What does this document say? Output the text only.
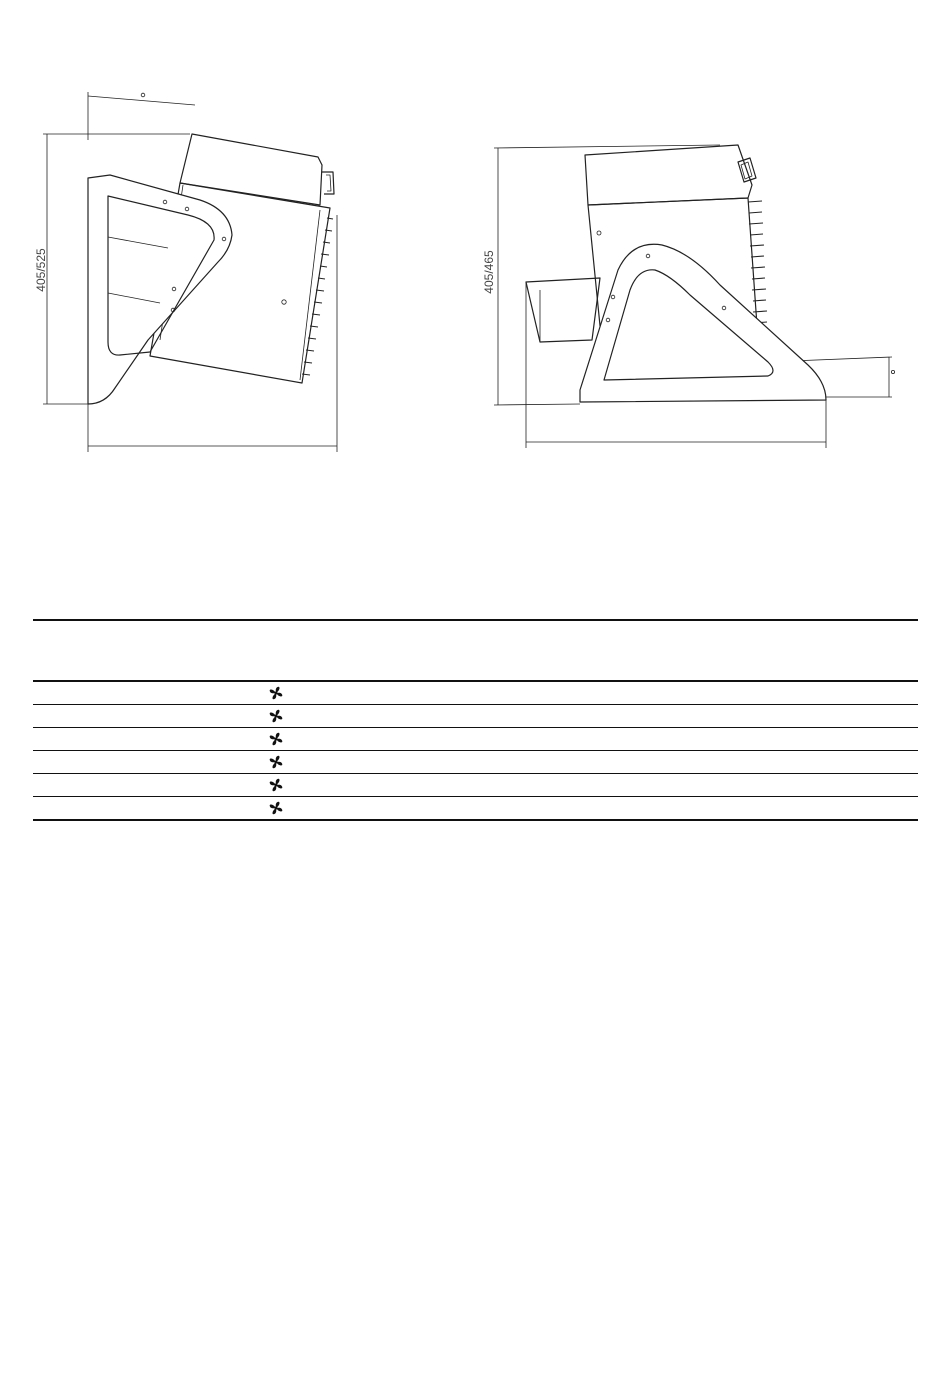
405/525	405/465
